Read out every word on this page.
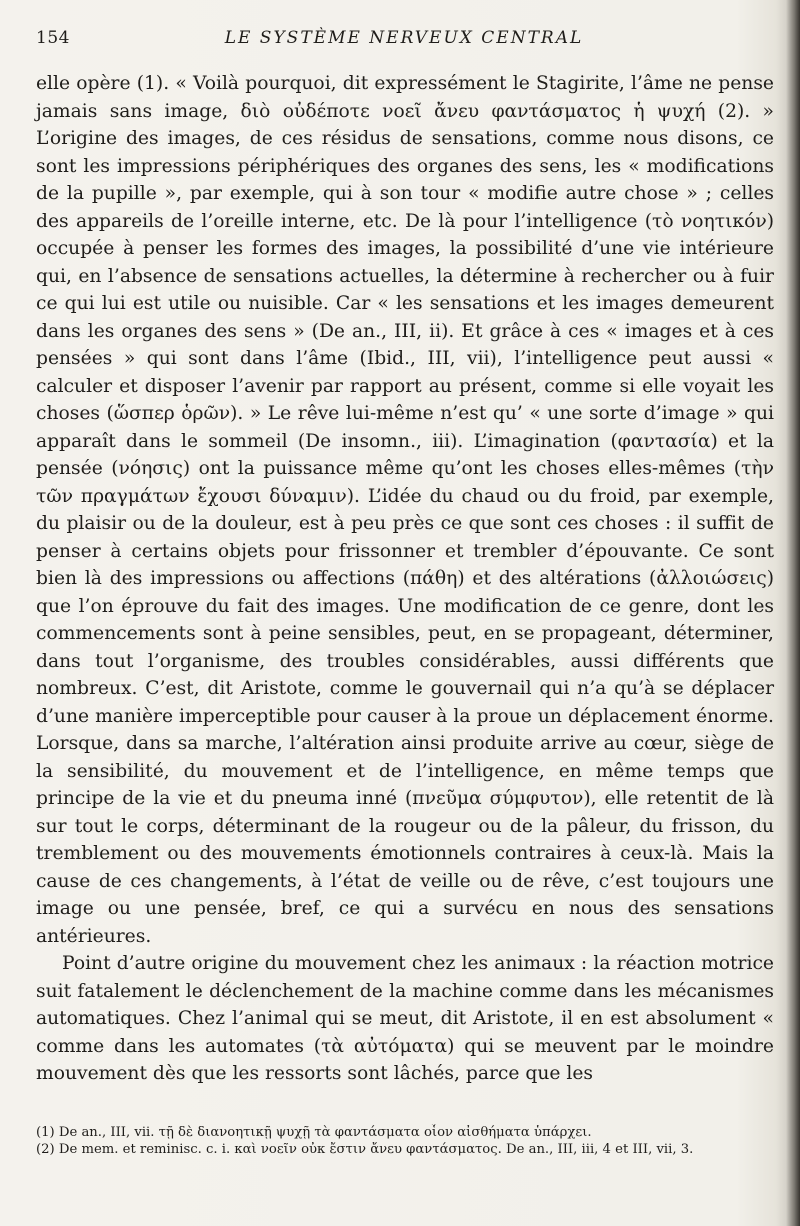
154	LE SYSTÈME NERVEUX CENTRAL

elle opère (1). « Voilà pourquoi, dit expressément le Stagirite, l’âme ne pense jamais sans image, διὸ οὐδέποτε νοεῖ ἄνευ φαντάσματος ἡ ψυχή (2). » L’origine des images, de ces résidus de sensations, comme nous disons, ce sont les impressions périphériques des organes des sens, les « modifications de la pupille », par exemple, qui à son tour « modifie autre chose » ; celles des appareils de l’oreille interne, etc. De là pour l’intelligence (τὸ νοητικόν) occupée à penser les formes des images, la possibilité d’une vie intérieure qui, en l’absence de sensations actuelles, la détermine à rechercher ou à fuir ce qui lui est utile ou nuisible. Car « les sensations et les images demeurent dans les organes des sens » (De an., III, ii). Et grâce à ces « images et à ces pensées » qui sont dans l’âme (Ibid., III, vii), l’intelligence peut aussi « calculer et disposer l’avenir par rapport au présent, comme si elle voyait les choses (ὥσπερ ὁρῶν). » Le rêve lui-même n’est qu’ « une sorte d’image » qui apparaît dans le sommeil (De insomn., iii). L’imagination (φαντασία) et la pensée (νόησις) ont la puissance même qu’ont les choses elles-mêmes (τὴν τῶν πραγμάτων ἔχουσι δύναμιν). L’idée du chaud ou du froid, par exemple, du plaisir ou de la douleur, est à peu près ce que sont ces choses : il suffit de penser à certains objets pour frissonner et trembler d’épouvante. Ce sont bien là des impressions ou affections (πάθη) et des altérations (ἀλλοιώσεις) que l’on éprouve du fait des images. Une modification de ce genre, dont les commencements sont à peine sensibles, peut, en se propageant, déterminer, dans tout l’organisme, des troubles considérables, aussi différents que nombreux. C’est, dit Aristote, comme le gouvernail qui n’a qu’à se déplacer d’une manière imperceptible pour causer à la proue un déplacement énorme. Lorsque, dans sa marche, l’altération ainsi produite arrive au cœur, siège de la sensibilité, du mouvement et de l’intelligence, en même temps que principe de la vie et du pneuma inné (πνεῦμα σύμφυτον), elle retentit de là sur tout le corps, déterminant de la rougeur ou de la pâleur, du frisson, du tremblement ou des mouvements émotionnels contraires à ceux-là. Mais la cause de ces changements, à l’état de veille ou de rêve, c’est toujours une image ou une pensée, bref, ce qui a survécu en nous des sensations antérieures.

Point d’autre origine du mouvement chez les animaux : la réaction motrice suit fatalement le déclenchement de la machine comme dans les mécanismes automatiques. Chez l’animal qui se meut, dit Aristote, il en est absolument « comme dans les automates (τὰ αὐτόματα) qui se meuvent par le moindre mouvement dès que les ressorts sont lâchés, parce que les

(1) De an., III, vii. τῇ δὲ διανοητικῇ ψυχῇ τὰ φαντάσματα οἷον αἰσθήματα ὑπάρχει.

(2) De mem. et reminisc. c. i. καὶ νοεῖν οὐκ ἔστιν ἄνευ φαντάσματος. De an., III, iii, 4 et III, vii, 3.
